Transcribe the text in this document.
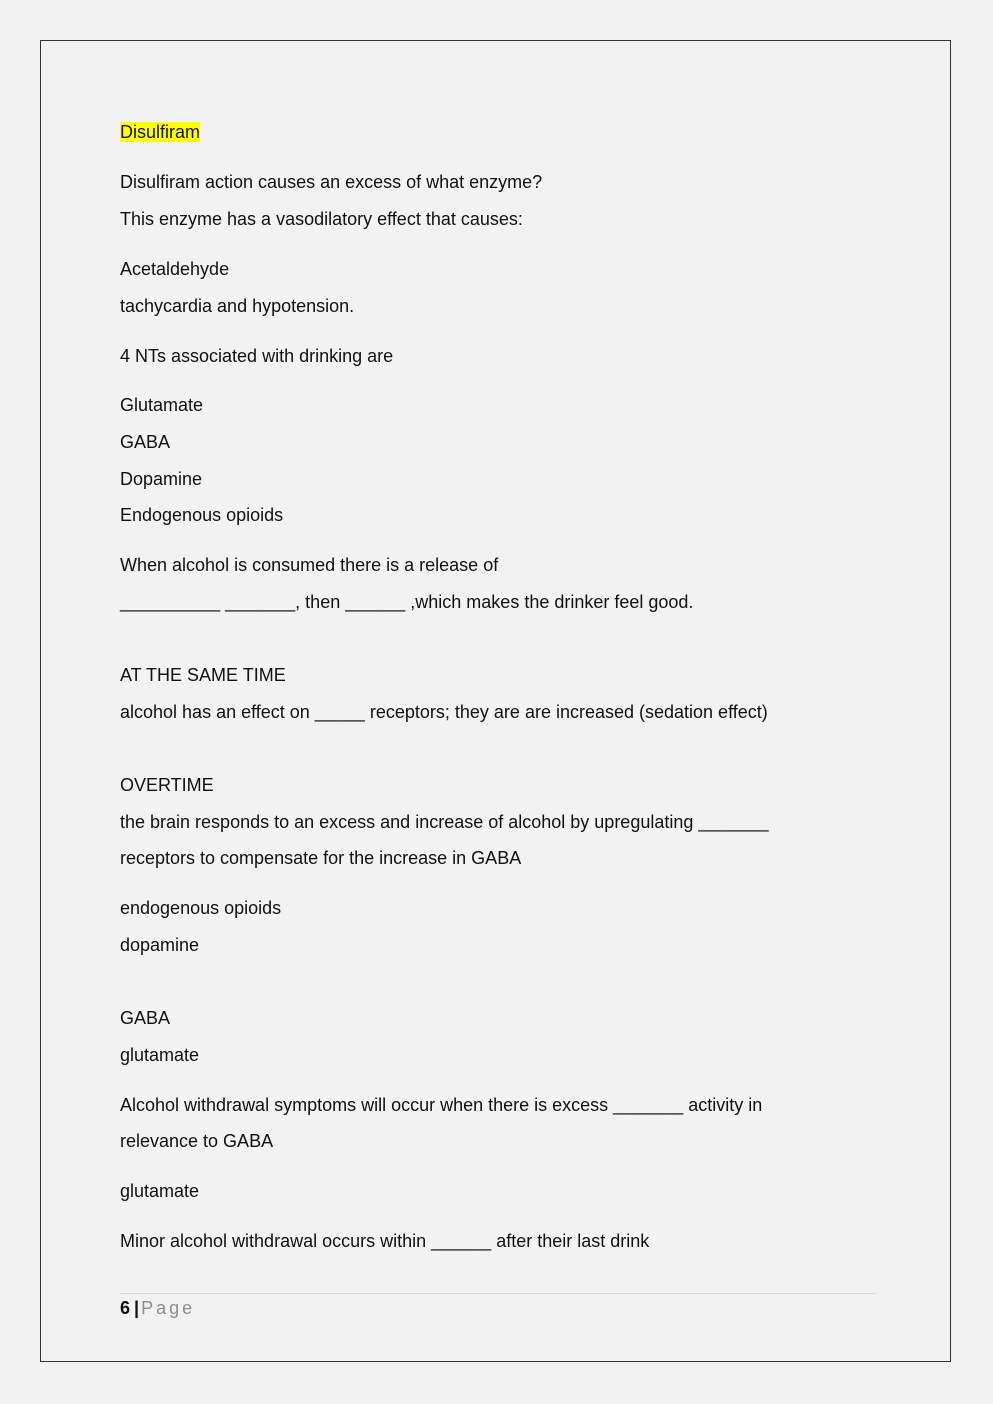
Disulfiram
Disulfiram action causes an excess of what enzyme?
This enzyme has a vasodilatory effect that causes:
Acetaldehyde
tachycardia and hypotension.
4 NTs associated with drinking are
Glutamate
GABA
Dopamine
Endogenous opioids
When alcohol is consumed there is a release of
__________ _______, then ______ ,which makes the drinker feel good.
AT THE SAME TIME
alcohol has an effect on _____ receptors; they are are increased (sedation effect)
OVERTIME
the brain responds to an excess and increase of alcohol by upregulating _______
receptors to compensate for the increase in GABA
endogenous opioids
dopamine
GABA
glutamate
Alcohol withdrawal symptoms will occur when there is excess _______ activity in
relevance to GABA
glutamate
Minor alcohol withdrawal occurs within ______ after their last drink
6 | Page
